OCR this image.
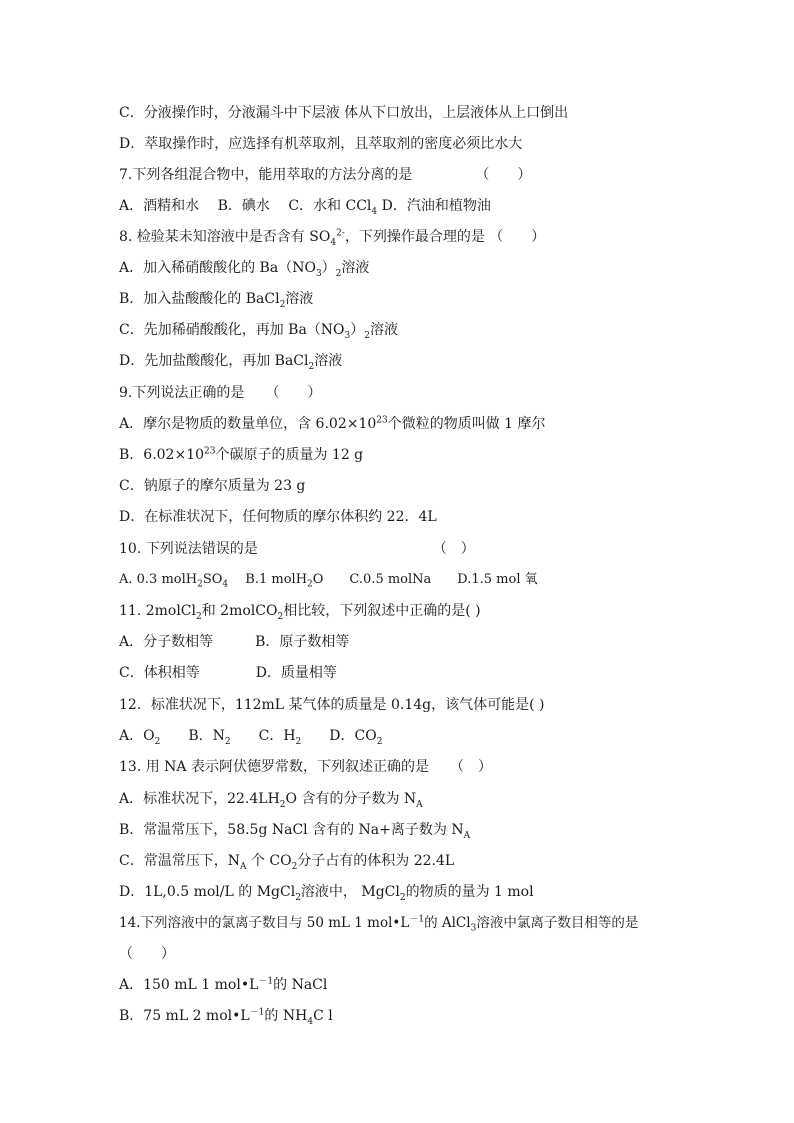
C．分液操作时，分液漏斗中下层液 体从下口放出，上层液体从上口倒出
D．萃取操作时，应选择有机萃取剂，且萃取剂的密度必须比水大
7.下列各组混合物中，能用萃取的方法分离的是　　　　　（　　）
A．酒精和水　 B．碘水　 C．水和 CCl$_4$ D．汽油和植物油
8. 检验某未知溶液中是否含有 $SO_4^{2-}$，下列操作最合理的是 （　　）
A．加入稀硝酸酸化的 $Ba(NO_3)_2$溶液
B．加入盐酸酸化的 BaCl$_2$溶液
C．先加稀硝酸酸化，再加 $Ba(NO_3)_2$溶液
D．先加盐酸酸化，再加 BaCl$_2$溶液
9.下列说法正确的是　　（　　）
A．摩尔是物质的数量单位，含 $6.02\times 10^{23}$个微粒的物质叫做 1 摩尔
B．$6.02\times 10^{23}$个碳原子的质量为 12 g
C．钠原子的摩尔质量为 23 g
D．在标准状况下，任何物质的摩尔体积约 22．4L
10. 下列说法错误的是　　　　　　　　　　　　　（　）
A. 0.3 $molH_2SO_4$　 B.1 molH$_2$O　　C.0.5 molNa　　D.1.5 mol 氧
11. 2molCl$_2$和 2molCO$_2$相比较，下列叙述中正确的是( )
A．分子数相等　　　B．原子数相等
C．体积相等　　　　D．质量相等
12．标准状况下，112mL 某气体的质量是 0.14g，该气体可能是( )
A．$O_2$　　B．$N_2$　　C．$H_2$　　D．$CO_2$
13. 用 NA 表示阿伏德罗常数，下列叙述正确的是　　（　）
A．标准状况下，$22.4LH_2O$ 含有的分子数为 $N_A$
B．常温常压下，58.5g NaCl 含有的 Na+离子数为 $N_A$
C．常温常压下，$N_A$ 个 $CO_2$分子占有的体积为 22.4L
D．1L,0.5 mol/L 的 MgCl$_2$溶液中， MgCl$_2$的物质的量为 1 mol
14.下列溶液中的氯离子数目与 50 mL 1 $mol•L^{-1}$的 AlCl$_3$溶液中氯离子数目相等的是
（　　）
A．150 mL 1 $mol•L^{-1}$的 NaCl
B．75 mL 2 $mol•L^{-1}$的 $NH_4C$ l
